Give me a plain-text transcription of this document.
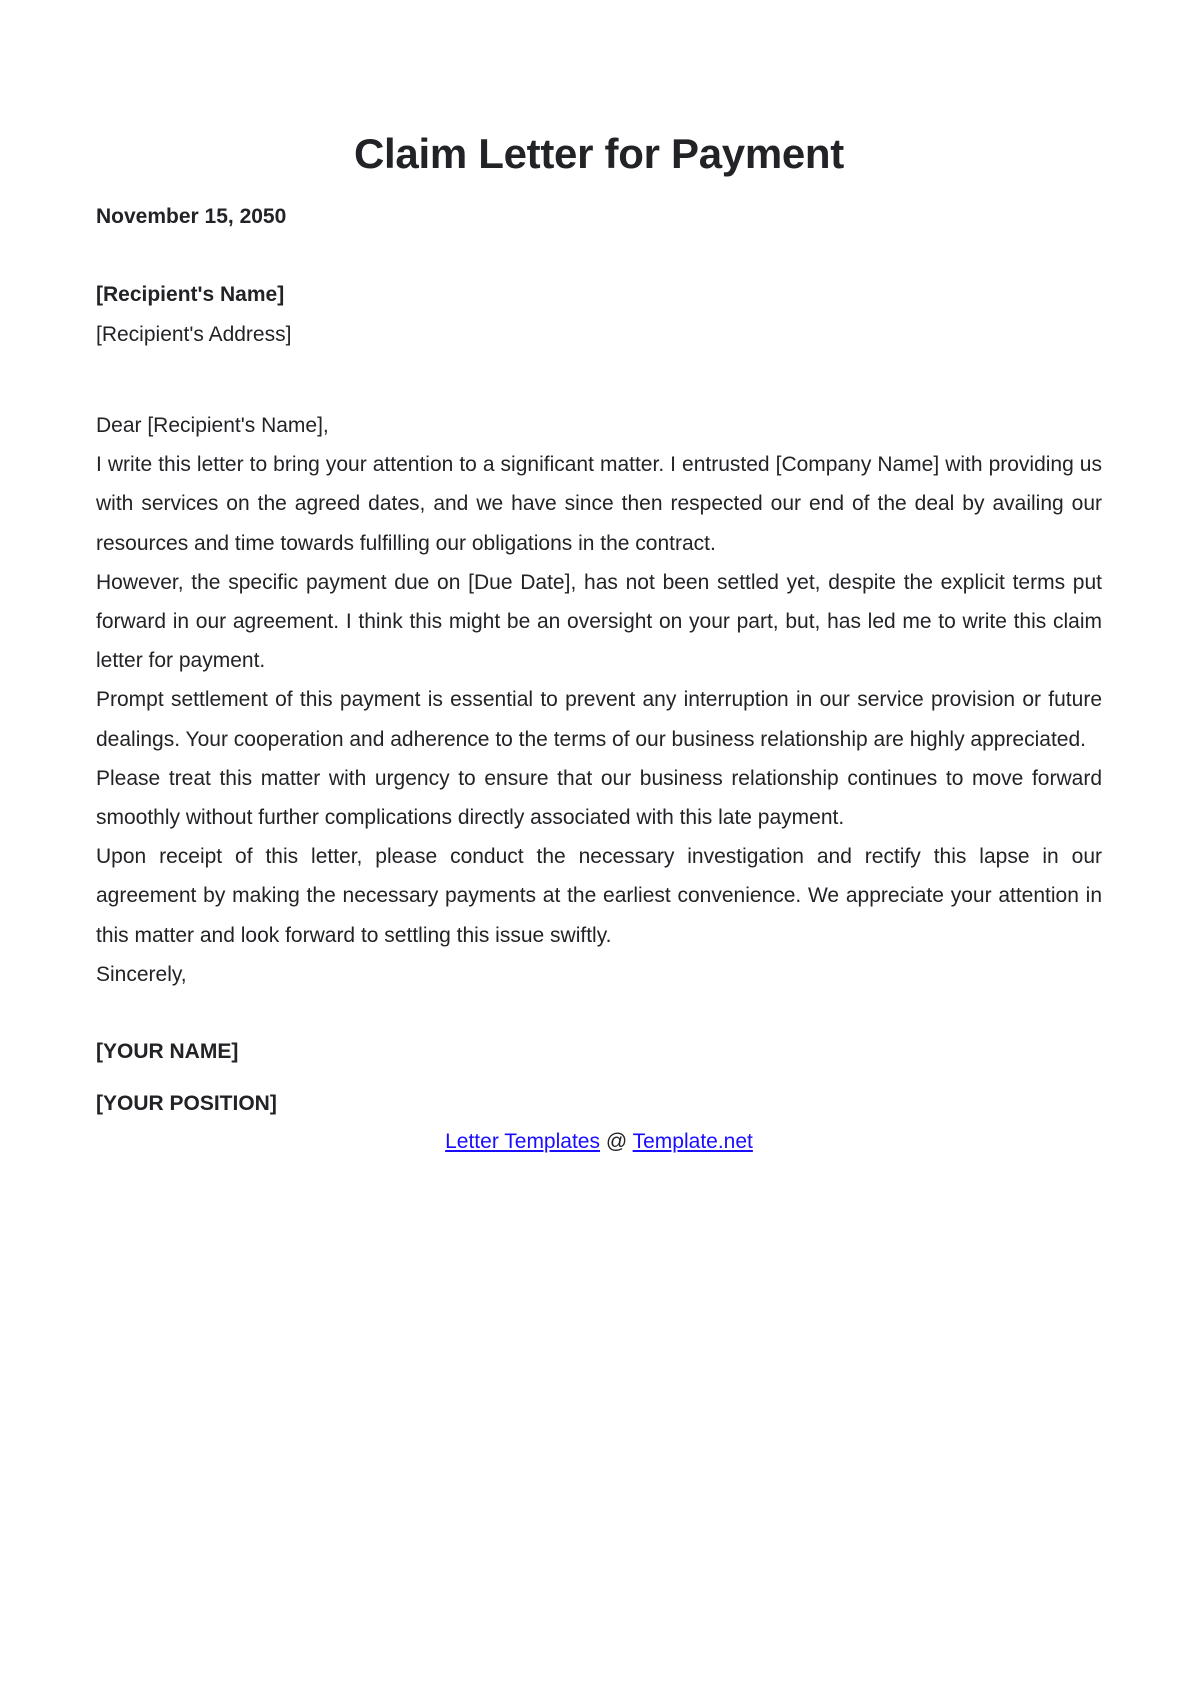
Claim Letter for Payment

November 15, 2050

[Recipient's Name]

[Recipient's Address]

Dear [Recipient's Name],

I write this letter to bring your attention to a significant matter. I entrusted [Company Name] with providing us with services on the agreed dates, and we have since then respected our end of the deal by availing our resources and time towards fulfilling our obligations in the contract.

However, the specific payment due on [Due Date], has not been settled yet, despite the explicit terms put forward in our agreement. I think this might be an oversight on your part, but, has led me to write this claim letter for payment.

Prompt settlement of this payment is essential to prevent any interruption in our service provision or future dealings. Your cooperation and adherence to the terms of our business relationship are highly appreciated.

Please treat this matter with urgency to ensure that our business relationship continues to move forward smoothly without further complications directly associated with this late payment.

Upon receipt of this letter, please conduct the necessary investigation and rectify this lapse in our agreement by making the necessary payments at the earliest convenience. We appreciate your attention in this matter and look forward to settling this issue swiftly.

Sincerely,

[YOUR NAME]

[YOUR POSITION]

Letter Templates @ Template.net
